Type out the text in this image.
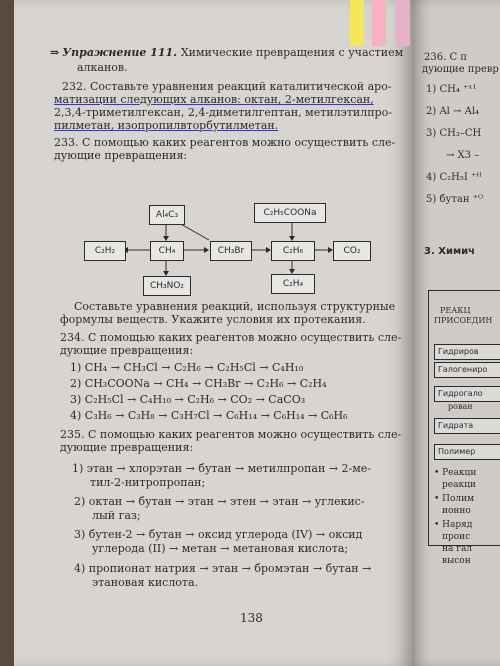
⇒ Упражнение 111. Химические превращения с участием
алканов.
232. Составьте уравнения реакций каталитической аро-
матизации следующих алканов: октан, 2-метилгексан,
2,3,4-триметилгексан, 2,4-диметилгептан, метилэтилпро-
пилметан, изопропилвторбутилметан.
233. С помощью каких реагентов можно осуществить сле-
дующие превращения:
Al₄C₃	C₂H₅COONa
C₂H₂	CH₄	CH₃Br	C₂H₆	CO₂
CH₃NO₂	C₂H₄
Составьте уравнения реакций, используя структурные
формулы веществ. Укажите условия их протекания.
234. С помощью каких реагентов можно осуществить сле-
дующие превращения:
1) CH₄ → CH₃Cl → C₂H₆ → C₂H₅Cl → C₄H₁₀
2) CH₃COONa → CH₄ → CH₃Br → C₂H₆ → C₂H₄
3) C₂H₅Cl → C₄H₁₀ → C₂H₆ → CO₂ → CaCO₃
4) C₃H₆ → C₃H₈ → C₃H₇Cl → C₆H₁₄ → C₆H₁₄ → C₆H₆
235. С помощью каких реагентов можно осуществить сле-
дующие превращения:
1) этан → хлорэтан → бутан → метилпропан → 2-ме-
тил-2-нитропропан;
2) октан → бутан → этан → этен → этан → углекис-
лый газ;
3) бутен-2 → бутан → оксид углерода (IV) → оксид
углерода (II) → метан → метановая кислота;
4) пропионат натрия → этан → бромэтан → бутан →
этановая кислота.
138
236. С п
дующие превр
1) CH₄ ⁺ˣ¹
2) Al → Al₄
3) CH₃–CH
→ X3 –
4) C₂H₅I ⁺ᴴ
5) бутан ⁺ᴼ
3. Химич
РЕАКЦ
ПРИСОЕДИН
Гидриров
Галогениро
Гидрогало
рован
Гидрата
Полимер
• Реакци
реакци
• Полим
ионно
• Наряд
проис
на гал
высон
